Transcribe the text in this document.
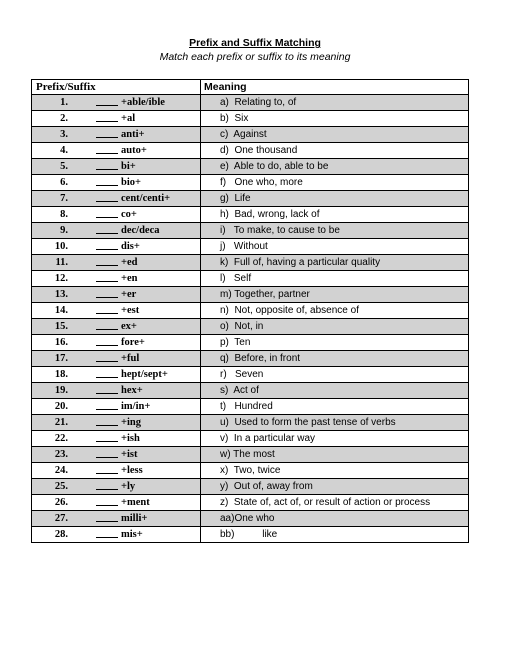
Prefix and Suffix Matching
Match each prefix or suffix to its meaning
Prefix/Suffix	Meaning
1. +able/ible	a)  Relating to, of
2. +al	b)  Six
3. anti+	c)  Against
4. auto+	d)  One thousand
5. bi+	e)  Able to do, able to be
6. bio+	f)   One who, more
7. cent/centi+	g)  Life
8. co+	h)  Bad, wrong, lack of
9. dec/deca	i)   To make, to cause to be
10. dis+	j)   Without
11. +ed	k)  Full of, having a particular quality
12. +en	l)   Self
13. +er	m) Together, partner
14. +est	n)  Not, opposite of, absence of
15. ex+	o)  Not, in
16. fore+	p)  Ten
17. +ful	q)  Before, in front
18. hept/sept+	r)   Seven
19. hex+	s)  Act of
20. im/in+	t)   Hundred
21. +ing	u)  Used to form the past tense of verbs
22. +ish	v)  In a particular way
23. +ist	w) The most
24. +less	x)  Two, twice
25. +ly	y)  Out of, away from
26. +ment	z)  State of, act of, or result of action or process
27. milli+	aa)One who
28. mis+	bb)          like
